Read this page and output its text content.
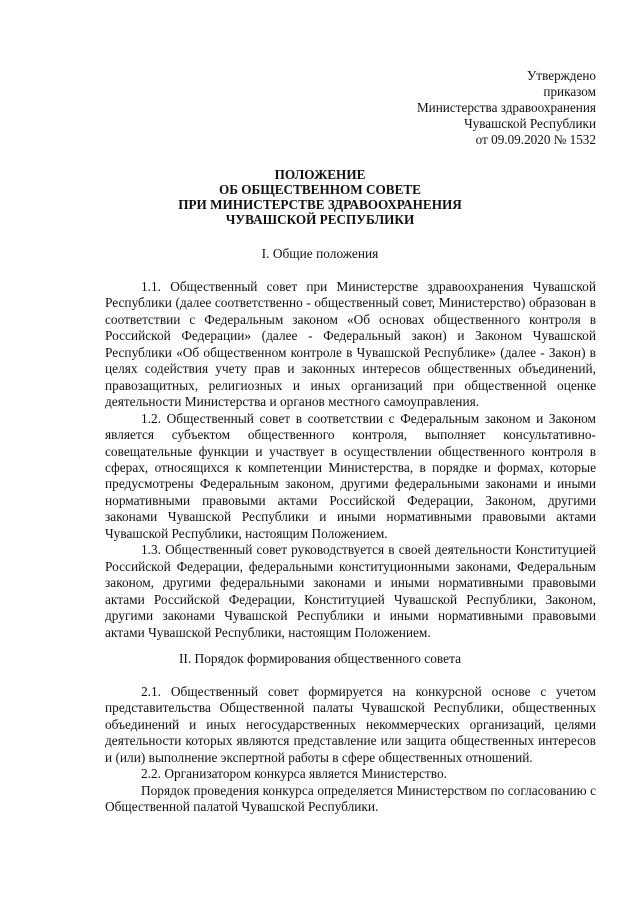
Утверждено
приказом
Министерства здравоохранения
Чувашской Республики
от 09.09.2020 № 1532
ПОЛОЖЕНИЕ
ОБ ОБЩЕСТВЕННОМ СОВЕТЕ
ПРИ МИНИСТЕРСТВЕ ЗДРАВООХРАНЕНИЯ
ЧУВАШСКОЙ РЕСПУБЛИКИ
I. Общие положения

1.1. Общественный совет при Министерстве здравоохранения Чувашской Республики (далее соответственно - общественный совет, Министерство) образован в соответствии с Федеральным законом «Об основах общественного контроля в Российской Федерации» (далее - Федеральный закон) и Законом Чувашской Республики «Об общественном контроле в Чувашской Республике» (далее - Закон) в целях содействия учету прав и законных интересов общественных объединений, правозащитных, религиозных и иных организаций при общественной оценке деятельности Министерства и органов местного самоуправления.

1.2. Общественный совет в соответствии с Федеральным законом и Законом является субъектом общественного контроля, выполняет консультативно-совещательные функции и участвует в осуществлении общественного контроля в сферах, относящихся к компетенции Министерства, в порядке и формах, которые предусмотрены Федеральным законом, другими федеральными законами и иными нормативными правовыми актами Российской Федерации, Законом, другими законами Чувашской Республики и иными нормативными правовыми актами Чувашской Республики, настоящим Положением.

1.3. Общественный совет руководствуется в своей деятельности Конституцией Российской Федерации, федеральными конституционными законами, Федеральным законом, другими федеральными законами и иными нормативными правовыми актами Российской Федерации, Конституцией Чувашской Республики, Законом, другими законами Чувашской Республики и иными нормативными правовыми актами Чувашской Республики, настоящим Положением.

II. Порядок формирования общественного совета

2.1. Общественный совет формируется на конкурсной основе с учетом представительства Общественной палаты Чувашской Республики, общественных объединений и иных негосударственных некоммерческих организаций, целями деятельности которых являются представление или защита общественных интересов и (или) выполнение экспертной работы в сфере общественных отношений.

2.2. Организатором конкурса является Министерство.

Порядок проведения конкурса определяется Министерством по согласованию с Общественной палатой Чувашской Республики.
